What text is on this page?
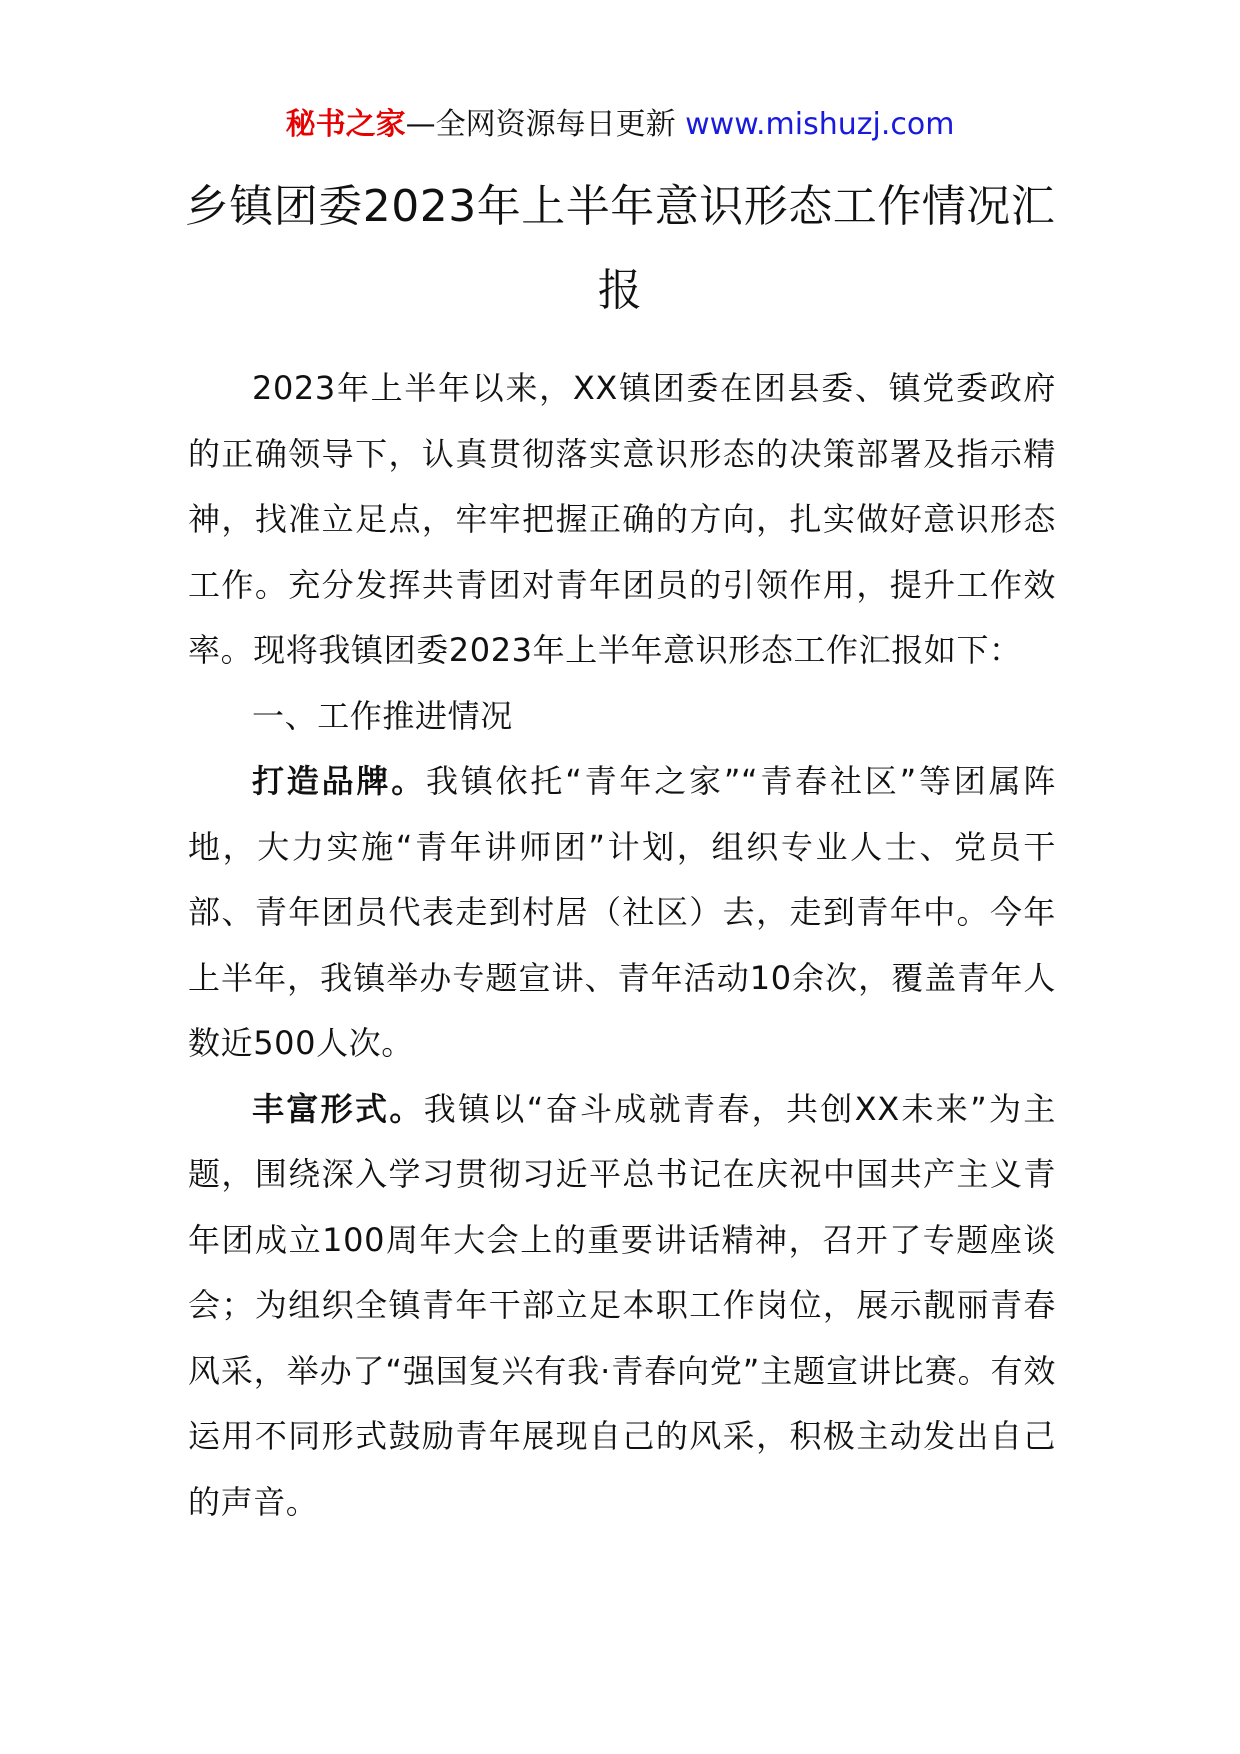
秘书之家—全网资源每日更新 www.mishuzj.com
乡镇团委2023年上半年意识形态工作情况汇报

2023年上半年以来，XX镇团委在团县委、镇党委政府的正确领导下，认真贯彻落实意识形态的决策部署及指示精神，找准立足点，牢牢把握正确的方向，扎实做好意识形态工作。充分发挥共青团对青年团员的引领作用，提升工作效率。现将我镇团委2023年上半年意识形态工作汇报如下：

一、工作推进情况

打造品牌。我镇依托“青年之家”“青春社区”等团属阵地，大力实施“青年讲师团”计划，组织专业人士、党员干部、青年团员代表走到村居（社区）去，走到青年中。今年上半年，我镇举办专题宣讲、青年活动10余次，覆盖青年人数近500人次。

丰富形式。我镇以“奋斗成就青春，共创XX未来”为主题，围绕深入学习贯彻习近平总书记在庆祝中国共产主义青年团成立100周年大会上的重要讲话精神，召开了专题座谈会；为组织全镇青年干部立足本职工作岗位，展示靓丽青春风采，举办了“强国复兴有我·青春向党”主题宣讲比赛。有效运用不同形式鼓励青年展现自己的风采，积极主动发出自己的声音。
